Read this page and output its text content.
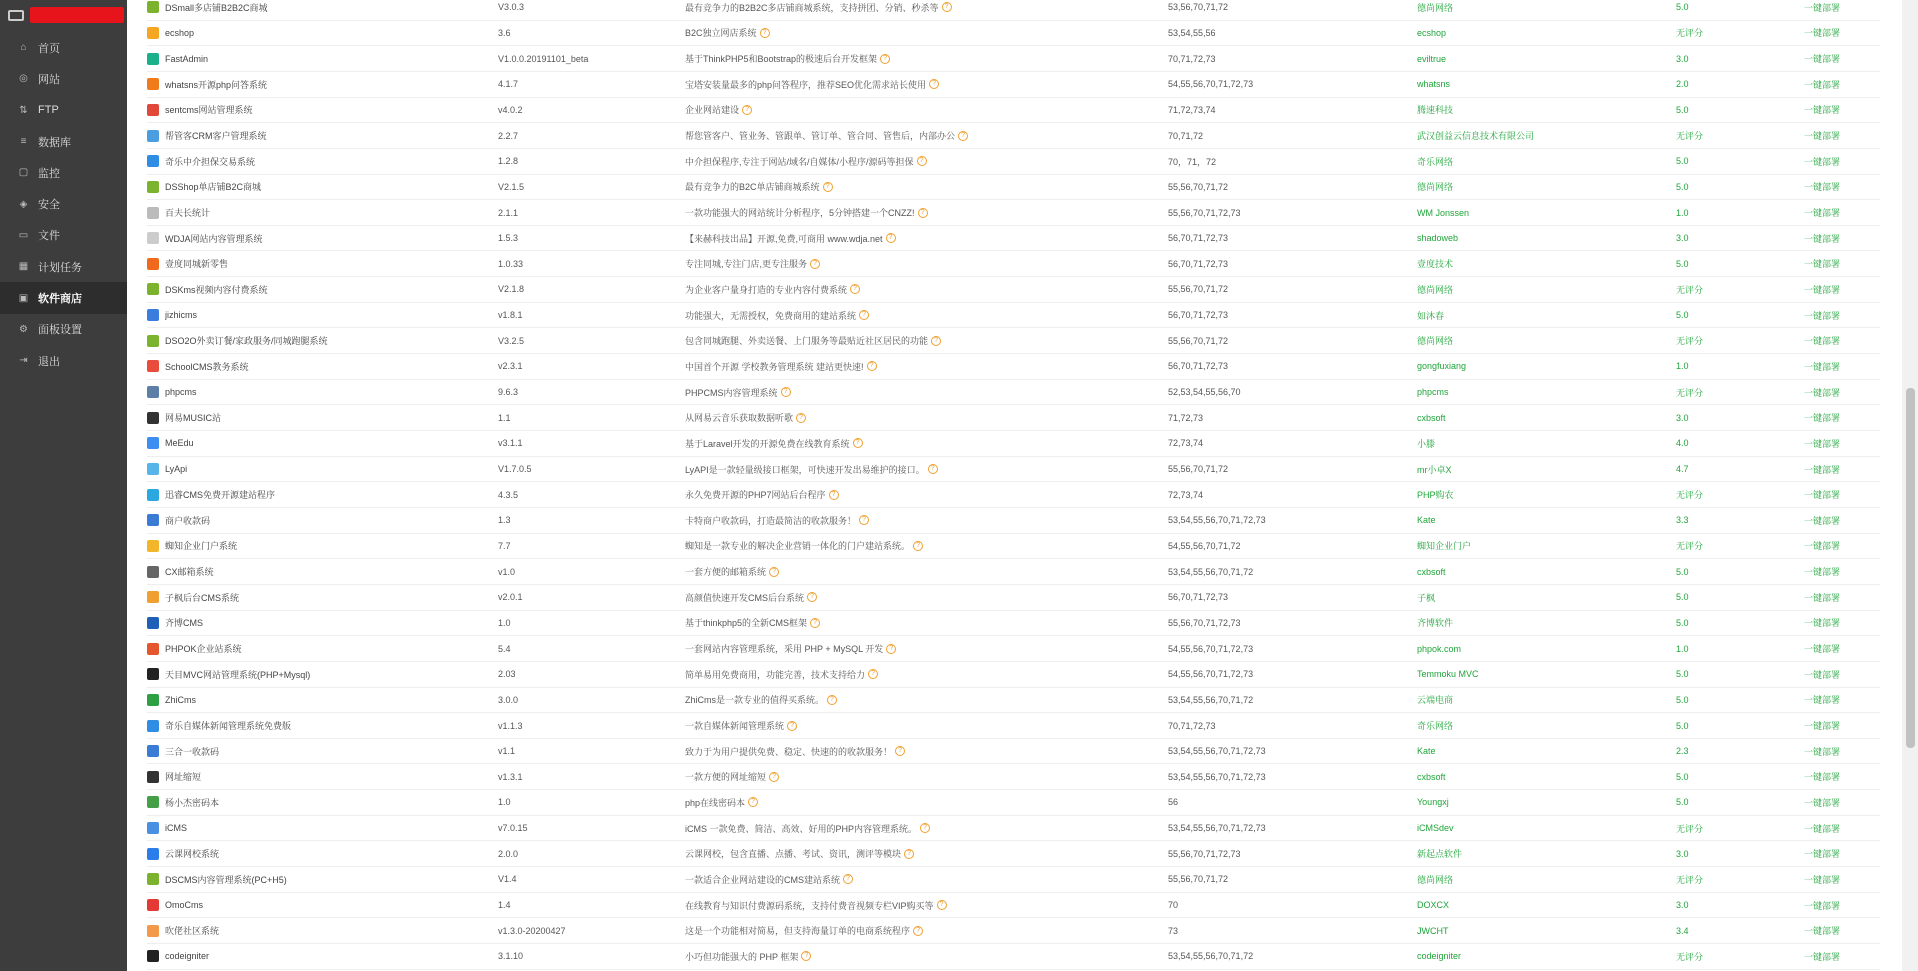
⌂ 首页
◎ 网站
⇅ FTP
≡ 数据库
▢ 监控
◈ 安全
▭ 文件
▦ 计划任务
▣ 软件商店
⚙ 面板设置
⇥ 退出
DSmall多店铺B2B2C商城	V3.0.3	最有竞争力的B2B2C多店铺商城系统，支持拼团、分销、秒杀等 ?	53,56,70,71,72	德尚网络	5.0	一键部署
ecshop	3.6	B2C独立网店系统 ?	53,54,55,56	ecshop	无评分	一键部署
FastAdmin	V1.0.0.20191101_beta	基于ThinkPHP5和Bootstrap的极速后台开发框架 ?	70,71,72,73	eviltrue	3.0	一键部署
whatsns开源php问答系统	4.1.7	宝塔安装量最多的php问答程序，推荐SEO优化需求站长使用 ?	54,55,56,70,71,72,73	whatsns	2.0	一键部署
sentcms网站管理系统	v4.0.2	企业网站建设 ?	71,72,73,74	腾速科技	5.0	一键部署
帮管客CRM客户管理系统	2.2.7	帮您管客户、管业务、管跟单、管订单、管合同、管售后，内部办公 ?	70,71,72	武汉创益云信息技术有限公司	无评分	一键部署
奇乐中介担保交易系统	1.2.8	中介担保程序,专注于网站/域名/自媒体/小程序/源码等担保 ?	70，71，72	奇乐网络	5.0	一键部署
DSShop单店铺B2C商城	V2.1.5	最有竞争力的B2C单店铺商城系统 ?	55,56,70,71,72	德尚网络	5.0	一键部署
百夫长统计	2.1.1	一款功能强大的网站统计分析程序，5分钟搭建一个CNZZ! ?	55,56,70,71,72,73	WM Jonssen	1.0	一键部署
WDJA网站内容管理系统	1.5.3	【来赫科技出品】开源,免费,可商用 www.wdja.net ?	56,70,71,72,73	shadoweb	3.0	一键部署
壹度同城新零售	1.0.33	专注同城,专注门店,更专注服务 ?	56,70,71,72,73	壹度技术	5.0	一键部署
DSKms视频内容付费系统	V2.1.8	为企业客户量身打造的专业内容付费系统 ?	55,56,70,71,72	德尚网络	无评分	一键部署
jizhicms	v1.8.1	功能强大，无需授权，免费商用的建站系统 ?	56,70,71,72,73	如沐春	5.0	一键部署
DSO2O外卖订餐/家政服务/同城跑腿系统	V3.2.5	包含同城跑腿、外卖送餐、上门服务等最贴近社区居民的功能 ?	55,56,70,71,72	德尚网络	无评分	一键部署
SchoolCMS教务系统	v2.3.1	中国首个开源 学校教务管理系统 建站更快速! ?	56,70,71,72,73	gongfuxiang	1.0	一键部署
phpcms	9.6.3	PHPCMS内容管理系统 ?	52,53,54,55,56,70	phpcms	无评分	一键部署
网易MUSIC站	1.1	从网易云音乐获取数据听歌 ?	71,72,73	cxbsoft	3.0	一键部署
MeEdu	v3.1.1	基于Laravel开发的开源免费在线教育系统 ?	72,73,74	小滕	4.0	一键部署
LyApi	V1.7.0.5	LyAPI是一款轻量级接口框架，可快速开发出易维护的接口。 ?	55,56,70,71,72	mr小卓X	4.7	一键部署
迅睿CMS免费开源建站程序	4.3.5	永久免费开源的PHP7网站后台程序 ?	72,73,74	PHP购农	无评分	一键部署
商户收款码	1.3	卡特商户收款码，打造最简洁的收款服务！ ?	53,54,55,56,70,71,72,73	Kate	3.3	一键部署
蜘知企业门户系统	7.7	蜘知是一款专业的解决企业营销一体化的门户建站系统。 ?	54,55,56,70,71,72	蜘知企业门户	无评分	一键部署
CX邮箱系统	v1.0	一套方便的邮箱系统 ?	53,54,55,56,70,71,72	cxbsoft	5.0	一键部署
子枫后台CMS系统	v2.0.1	高颜值快速开发CMS后台系统 ?	56,70,71,72,73	子枫	5.0	一键部署
齐博CMS	1.0	基于thinkphp5的全新CMS框架 ?	55,56,70,71,72,73	齐博软件	5.0	一键部署
PHPOK企业站系统	5.4	一套网站内容管理系统，采用 PHP + MySQL 开发 ?	54,55,56,70,71,72,73	phpok.com	1.0	一键部署
天目MVC网站管理系统(PHP+Mysql)	2.03	简单易用免费商用，功能完善，技术支持给力 ?	54,55,56,70,71,72,73	Temmoku MVC	5.0	一键部署
ZhiCms	3.0.0	ZhiCms是一款专业的值得买系统。 ?	53,54,55,56,70,71,72	云端电商	5.0	一键部署
奇乐自媒体新闻管理系统免费版	v1.1.3	一款自媒体新闻管理系统 ?	70,71,72,73	奇乐网络	5.0	一键部署
三合一收款码	v1.1	致力于为用户提供免费、稳定、快速的的收款服务！ ?	53,54,55,56,70,71,72,73	Kate	2.3	一键部署
网址缩短	v1.3.1	一款方便的网址缩短 ?	53,54,55,56,70,71,72,73	cxbsoft	5.0	一键部署
杨小杰密码本	1.0	php在线密码本 ?	56	Youngxj	5.0	一键部署
iCMS	v7.0.15	iCMS 一款免费、简洁、高效、好用的PHP内容管理系统。 ?	53,54,55,56,70,71,72,73	iCMSdev	无评分	一键部署
云课网校系统	2.0.0	云课网校，包含直播、点播、考试、资讯，测评等模块 ?	55,56,70,71,72,73	新起点软件	3.0	一键部署
DSCMS内容管理系统(PC+H5)	V1.4	一款适合企业网站建设的CMS建站系统 ?	55,56,70,71,72	德尚网络	无评分	一键部署
OmoCms	1.4	在线教育与知识付费源码系统，支持付费音视频专栏VIP购买等 ?	70	DOXCX	3.0	一键部署
吹佬社区系统	v1.3.0-20200427	这是一个功能相对简易，但支持海量订单的电商系统程序 ?	73	JWCHT	3.4	一键部署
codeigniter	3.1.10	小巧但功能强大的 PHP 框架 ?	53,54,55,56,70,71,72	codeigniter	无评分	一键部署
